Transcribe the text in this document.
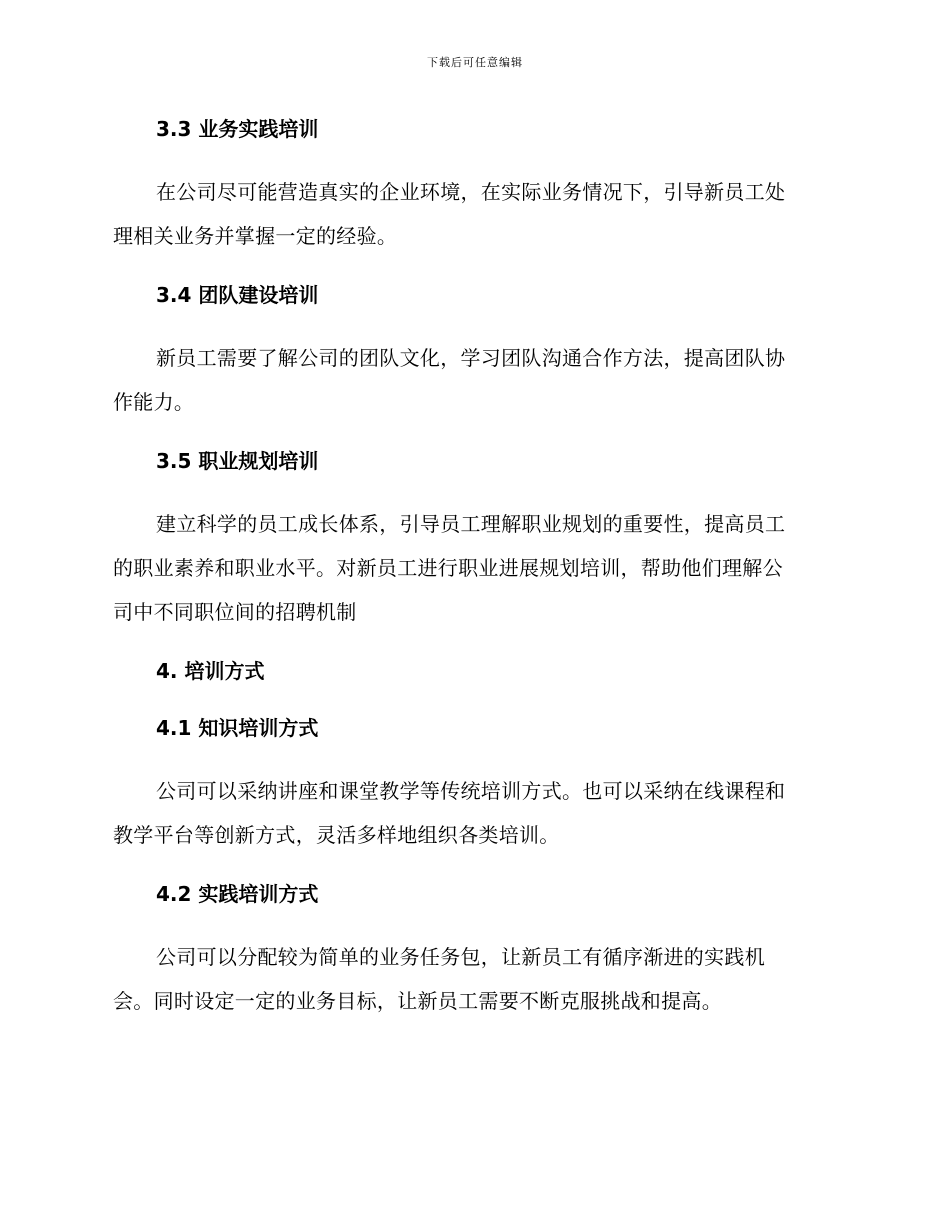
下载后可任意编辑
3.3 业务实践培训

在公司尽可能营造真实的企业环境，在实际业务情况下，引导新员工处
理相关业务并掌握一定的经验。

3.4 团队建设培训

新员工需要了解公司的团队文化，学习团队沟通合作方法，提高团队协
作能力。

3.5 职业规划培训

建立科学的员工成长体系，引导员工理解职业规划的重要性，提高员工
的职业素养和职业水平。对新员工进行职业进展规划培训，帮助他们理解公
司中不同职位间的招聘机制

4. 培训方式
4.1 知识培训方式

公司可以采纳讲座和课堂教学等传统培训方式。也可以采纳在线课程和
教学平台等创新方式，灵活多样地组织各类培训。

4.2 实践培训方式

公司可以分配较为简单的业务任务包，让新员工有循序渐进的实践机
会。同时设定一定的业务目标，让新员工需要不断克服挑战和提高。
